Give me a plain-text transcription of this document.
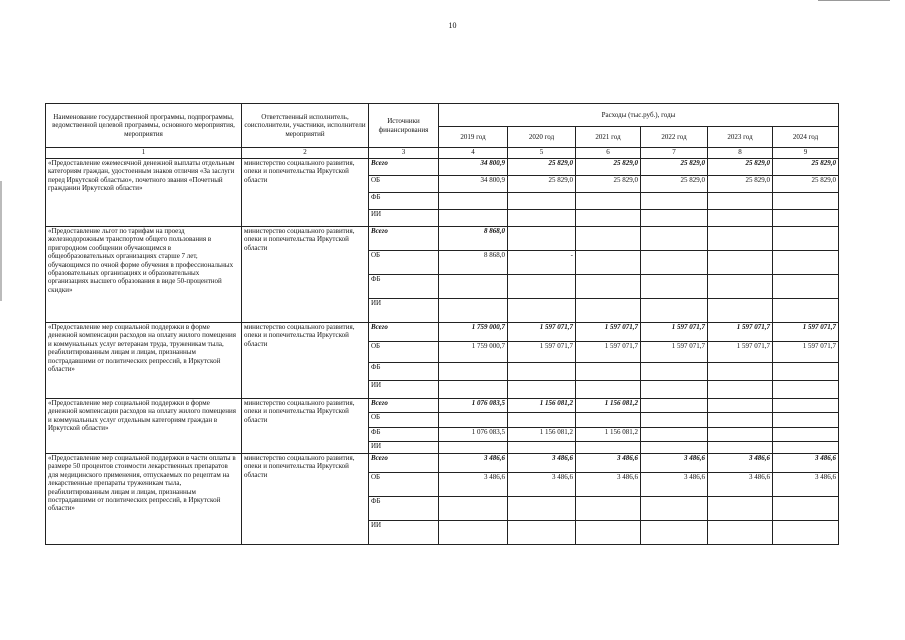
10
Наименование государственной программы, подпрограммы, ведомственной целевой программы, основного мероприятия, мероприятия	Ответственный исполнитель, соисполнители, участники, исполнители мероприятий	Источники финансирования	Расходы (тыс.руб.), годы					
			2019 год	2020 год	2021 год	2022 год	2023 год	2024 год
1	2	3	4	5	6	7	8	9
«Предоставление ежемесячной денежной выплаты отдельным категориям граждан, удостоенным знаков отличия «За заслуги перед Иркутской областью», почетного звания «Почетный гражданин Иркутской области»	министерство социального развития, опеки и попечительства Иркутской области	Всего	34 800,9	25 829,0	25 829,0	25 829,0	25 829,0	25 829,0
		ОБ	34 800,9	25 829,0	25 829,0	25 829,0	25 829,0	25 829,0
		ФБ						
		ИИ						
«Предоставление льгот по тарифам на проезд железнодорожным транспортом общего пользования в пригородном сообщении обучающимся в общеобразовательных организациях старше 7 лет, обучающимся по очной форме обучения в профессиональных образовательных организациях и образовательных организациях высшего образования в виде 50-процентной скидки»	министерство социального развития, опеки и попечительства Иркутской области	Всего	8 868,0					
		ОБ	8 868,0	-				
		ФБ						
		ИИ						
«Предоставление мер социальной поддержки в форме денежной компенсации расходов на оплату жилого помещения и коммунальных услуг ветеранам труда, труженикам тыла, реабилитированным лицам и лицам, признанным пострадавшими от политических репрессий, в Иркутской области»	министерство социального развития, опеки и попечительства Иркутской области	Всего	1 759 000,7	1 597 071,7	1 597 071,7	1 597 071,7	1 597 071,7	1 597 071,7
		ОБ	1 759 000,7	1 597 071,7	1 597 071,7	1 597 071,7	1 597 071,7	1 597 071,7
		ФБ						
		ИИ						
«Предоставление мер социальной поддержки в форме денежной компенсации расходов на оплату жилого помещения и коммунальных услуг отдельным категориям граждан в Иркутской области»	министерство социального развития, опеки и попечительства Иркутской области	Всего	1 076 083,5	1 156 081,2	1 156 081,2			
		ОБ						
		ФБ	1 076 083,5	1 156 081,2	1 156 081,2			
		ИИ						
«Предоставление мер социальной поддержки в части оплаты в размере 50 процентов стоимости лекарственных препаратов для медицинского применения, отпускаемых по рецептам на лекарственные препараты труженикам тыла, реабилитированным лицам и лицам, признанным пострадавшими от политических репрессий, в Иркутской области»	министерство социального развития, опеки и попечительства Иркутской области	Всего	3 486,6	3 486,6	3 486,6	3 486,6	3 486,6	3 486,6
		ОБ	3 486,6	3 486,6	3 486,6	3 486,6	3 486,6	3 486,6
		ФБ						
		ИИ						
